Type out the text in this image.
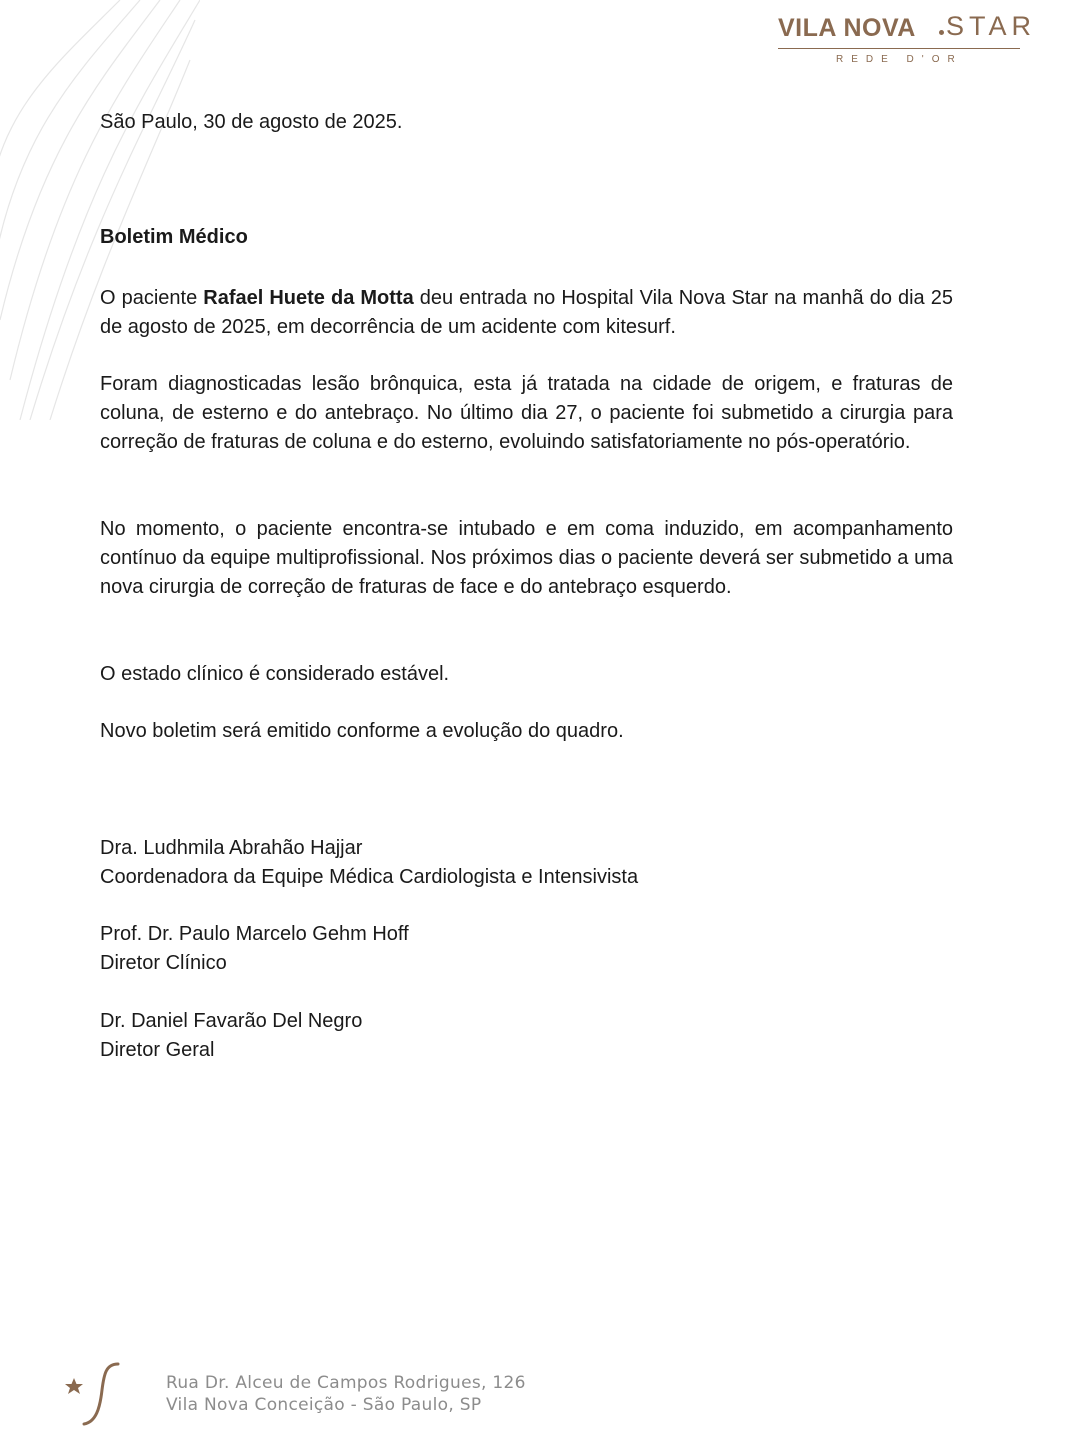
VILA NOVA STAR
REDE D'OR

São Paulo, 30 de agosto de 2025.

Boletim Médico

O paciente Rafael Huete da Motta deu entrada no Hospital Vila Nova Star na manhã do dia 25 de agosto de 2025, em decorrência de um acidente com kitesurf.

Foram diagnosticadas lesão brônquica, esta já tratada na cidade de origem, e fraturas de coluna, de esterno e do antebraço. No último dia 27, o paciente foi submetido a cirurgia para correção de fraturas de coluna e do esterno, evoluindo satisfatoriamente no pós-operatório.

No momento, o paciente encontra-se intubado e em coma induzido, em acompanhamento contínuo da equipe multiprofissional. Nos próximos dias o paciente deverá ser submetido a uma nova cirurgia de correção de fraturas de face e do antebraço esquerdo.

O estado clínico é considerado estável.

Novo boletim será emitido conforme a evolução do quadro.

Dra. Ludhmila Abrahão Hajjar
Coordenadora da Equipe Médica Cardiologista e Intensivista
Prof. Dr. Paulo Marcelo Gehm Hoff
Diretor Clínico
Dr. Daniel Favarão Del Negro
Diretor Geral
Rua Dr. Alceu de Campos Rodrigues, 126
Vila Nova Conceição - São Paulo, SP
